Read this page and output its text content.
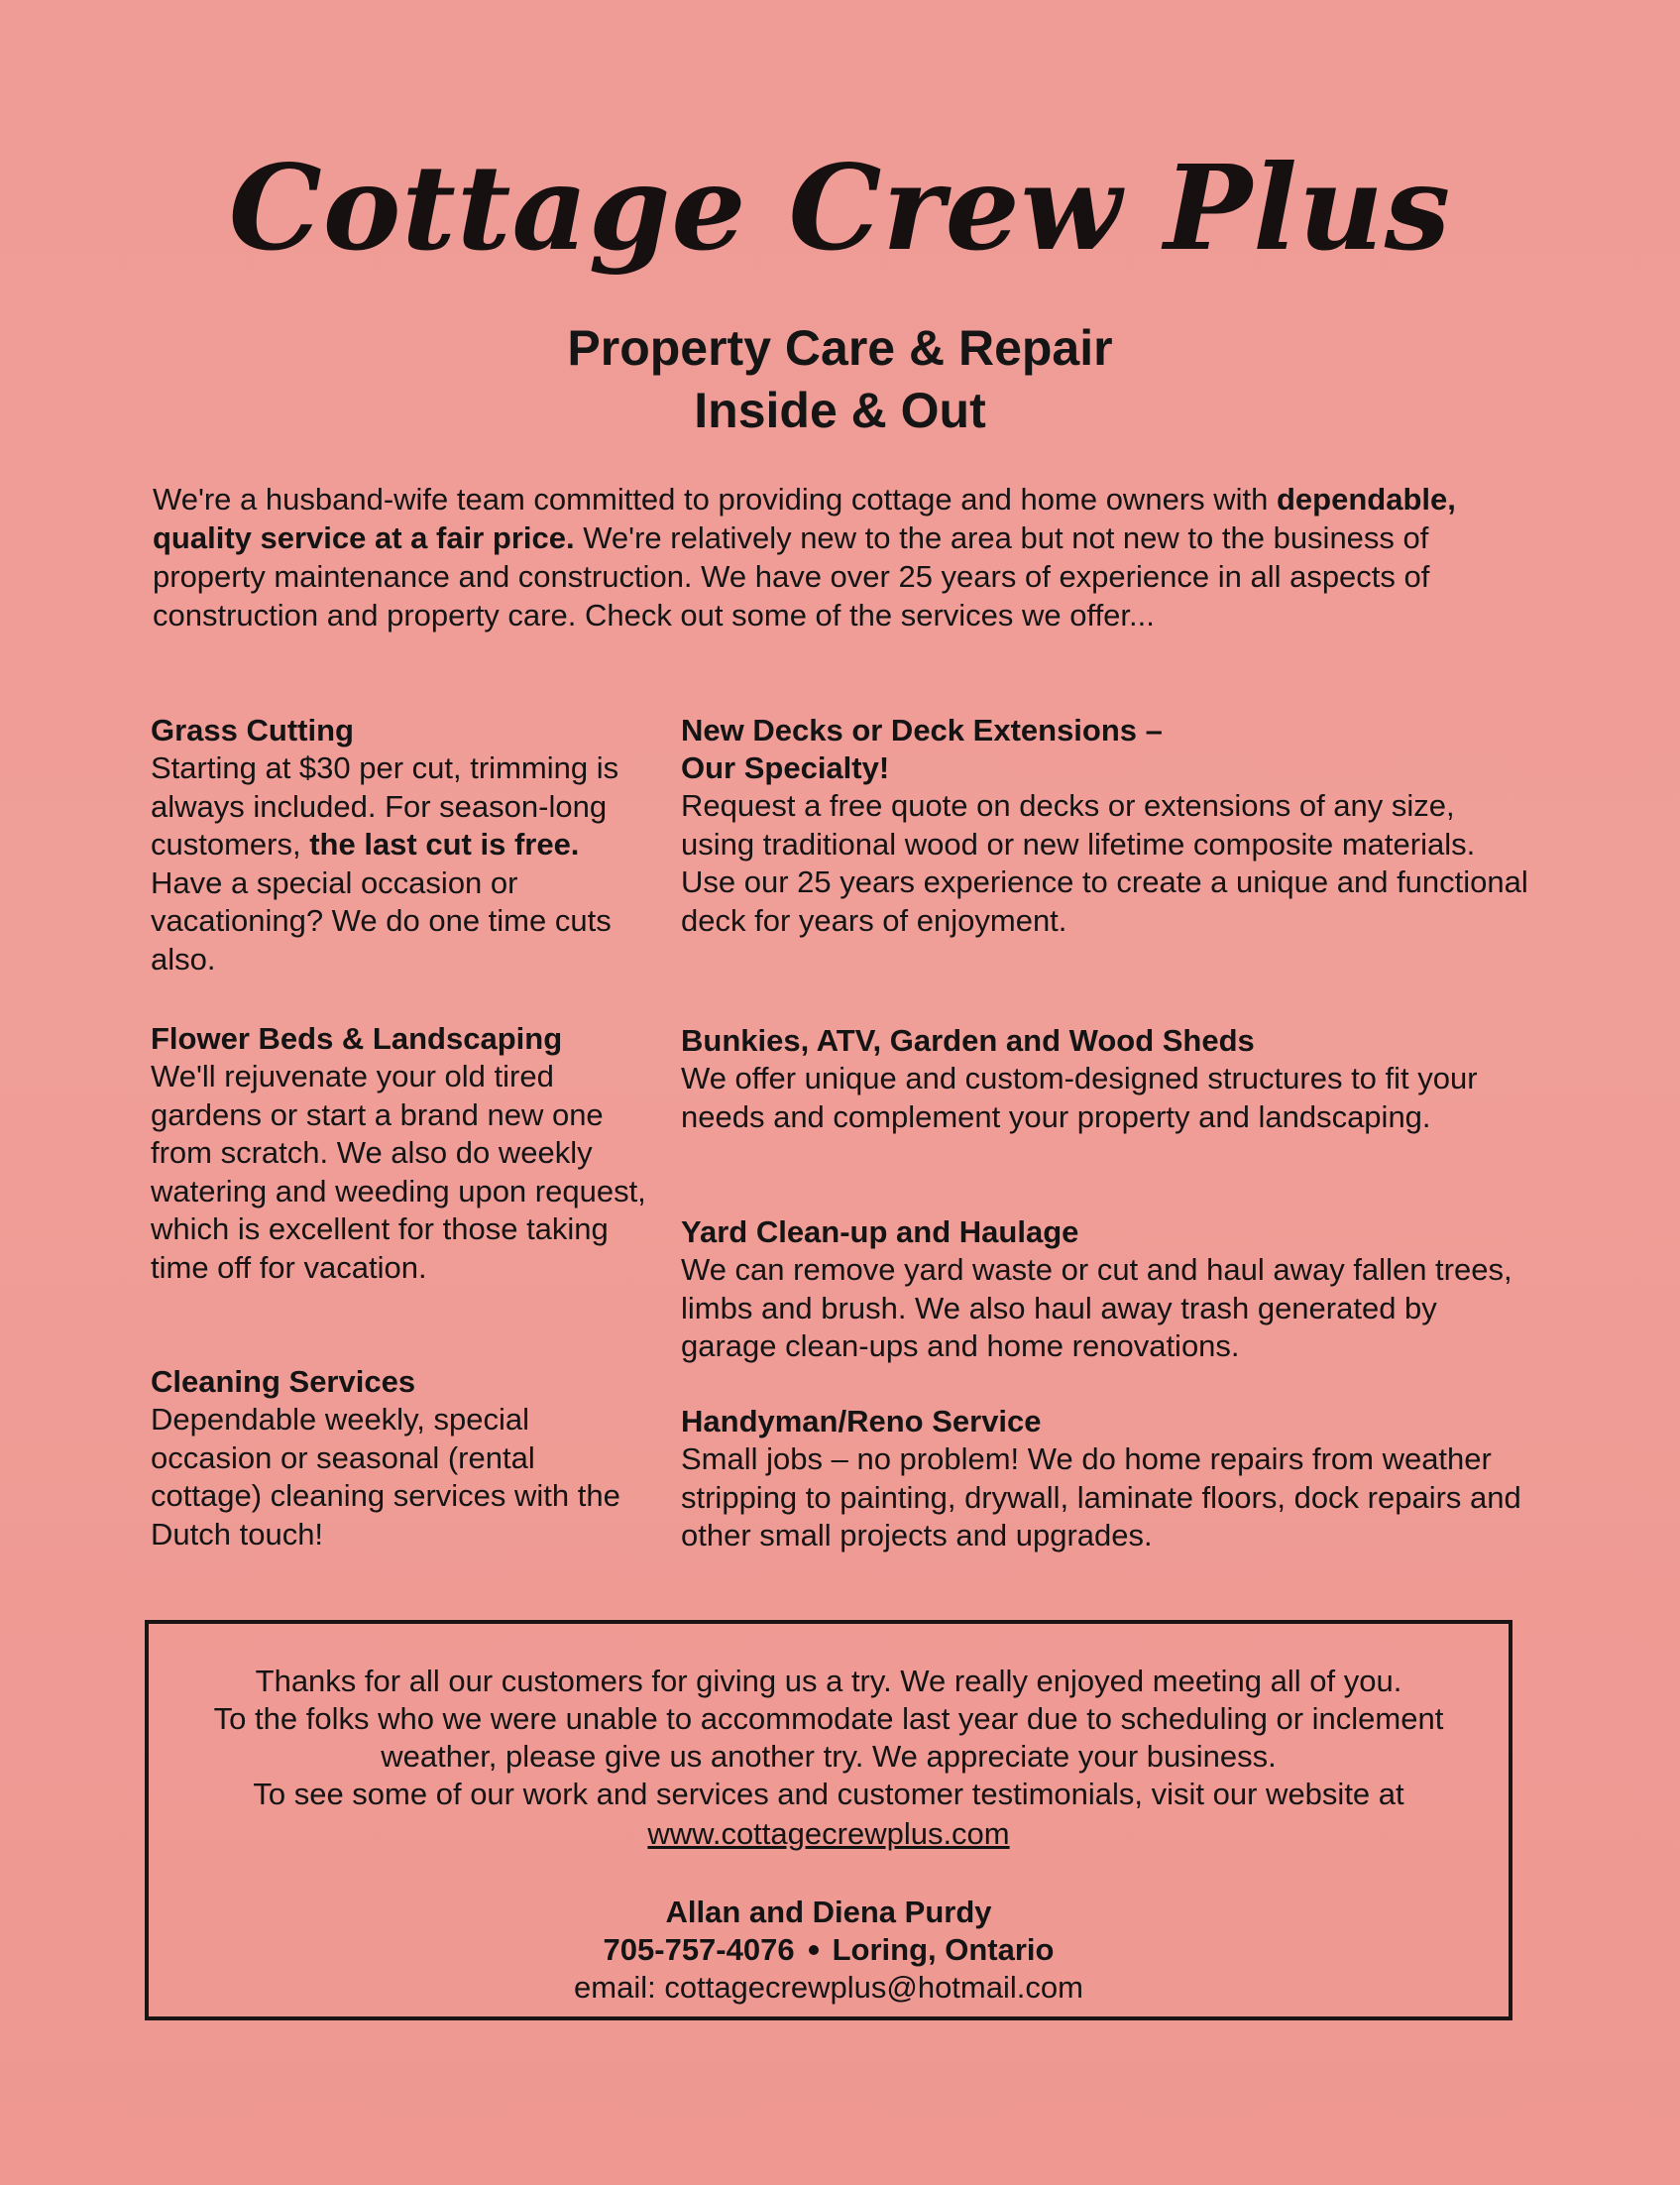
Cottage Crew Plus
Property Care & Repair
Inside & Out

We're a husband-wife team committed to providing cottage and home owners with dependable, quality service at a fair price. We're relatively new to the area but not new to the business of property maintenance and construction. We have over 25 years of experience in all aspects of construction and property care. Check out some of the services we offer...

Grass Cutting

Starting at $30 per cut, trimming is always included. For season-long customers, the last cut is free. Have a special occasion or vacationing? We do one time cuts also.

Flower Beds & Landscaping

We'll rejuvenate your old tired gardens or start a brand new one from scratch. We also do weekly watering and weeding upon request, which is excellent for those taking time off for vacation.

Cleaning Services

Dependable weekly, special occasion or seasonal (rental cottage) cleaning services with the Dutch touch!

New Decks or Deck Extensions –
Our Specialty!

Request a free quote on decks or extensions of any size, using traditional wood or new lifetime composite materials. Use our 25 years experience to create a unique and functional deck for years of enjoyment.

Bunkies, ATV, Garden and Wood Sheds

We offer unique and custom-designed structures to fit your needs and complement your property and landscaping.

Yard Clean-up and Haulage

We can remove yard waste or cut and haul away fallen trees, limbs and brush. We also haul away trash generated by garage clean-ups and home renovations.

Handyman/Reno Service

Small jobs – no problem! We do home repairs from weather stripping to painting, drywall, laminate floors, dock repairs and other small projects and upgrades.

Thanks for all our customers for giving us a try. We really enjoyed meeting all of you.
To the folks who we were unable to accommodate last year due to scheduling or inclement
weather, please give us another try. We appreciate your business.
To see some of our work and services and customer testimonials, visit our website at

www.cottagecrewplus.com
Allan and Diena Purdy
705-757-4076 Loring, Ontario
email: cottagecrewplus@hotmail.com
